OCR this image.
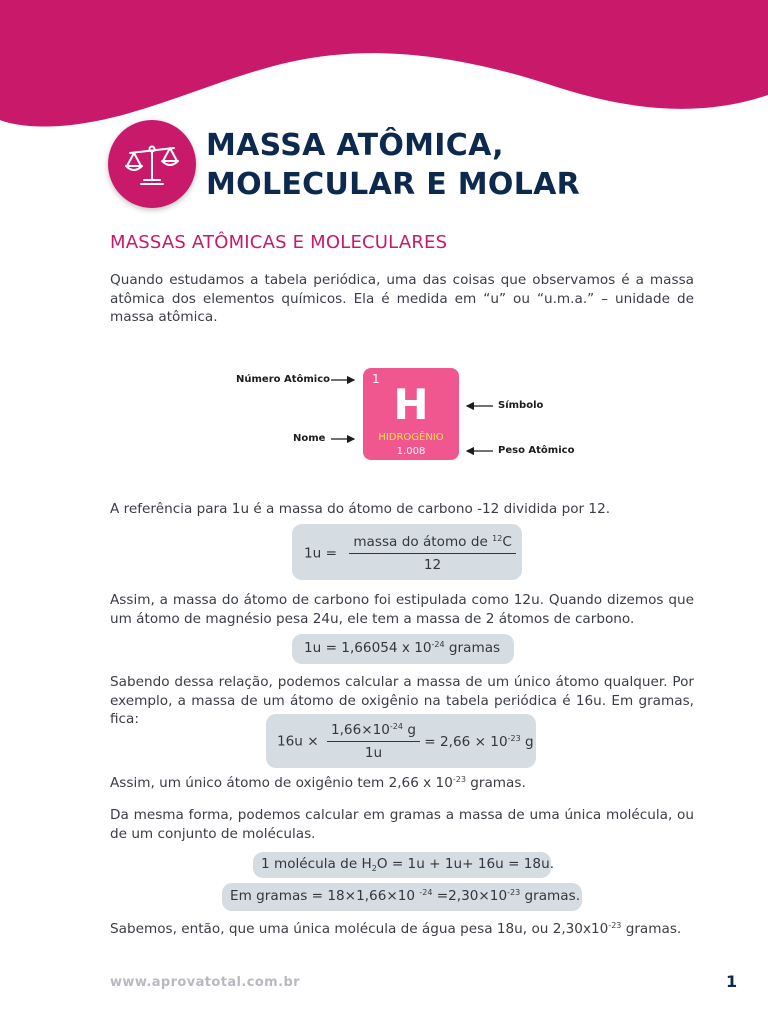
MASSA ATÔMICA,
MOLECULAR E MOLAR
MASSAS ATÔMICAS E MOLECULARES

Quando estudamos a tabela periódica, uma das coisas que observamos é a massa atômica dos elementos químicos. Ela é medida em “u” ou “u.m.a.” – unidade de massa atômica.

Número Atômico
Nome
Símbolo
Peso Atômico
1
H
HIDROGÊNIO
1.008

A referência para 1u é a massa do átomo de carbono -12 dividida por 12.

$1u = \frac{massa do átomo de ^{12}C}{12}$

Assim, a massa do átomo de carbono foi estipulada como 12u. Quando dizemos que um átomo de magnésio pesa 24u, ele tem a massa de 2 átomos de carbono.

1u = 1,66054 x $10^{-24}$ gramas

Sabendo dessa relação, podemos calcular a massa de um único átomo qualquer. Por exemplo, a massa de um átomo de oxigênio na tabela periódica é 16u. Em gramas, fica:

$16u \times \frac{1,66\times 10^{-24} g}{1u} = 2,66 \times 10^{-23}$ g

Assim, um único átomo de oxigênio tem 2,66 x $10^{-23}$ gramas.

Da mesma forma, podemos calcular em gramas a massa de uma única molécula, ou de um conjunto de moléculas.

1 molécula de $H_2O = 1u + 1u+ 16u = 18u$.
Em gramas = 18×1,66×10 $^{-24} =2,30\times 10^{-23}$ gramas.

Sabemos, então, que uma única molécula de água pesa 18u, ou $2,30x10^{-23}$ gramas.

www.aprovatotal.com.br	1
